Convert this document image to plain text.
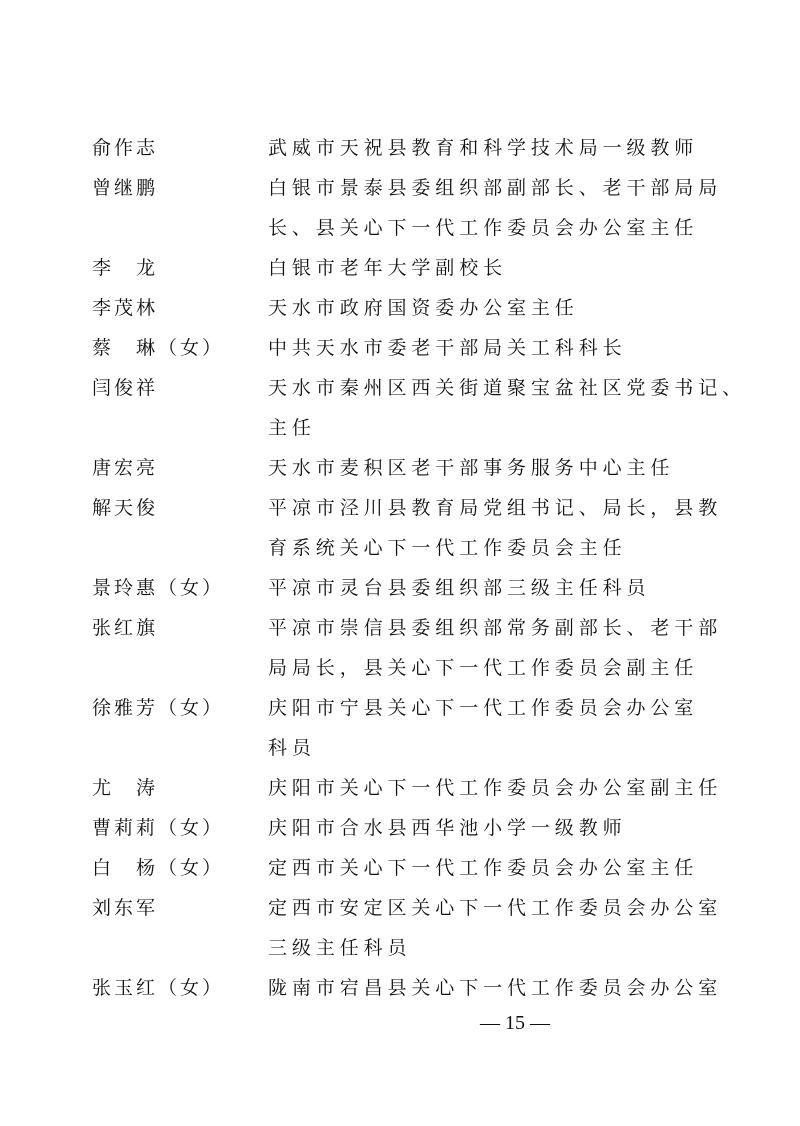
俞作志	武威市天祝县教育和科学技术局一级教师
曾继鹏	白银市景泰县委组织部副部长、老干部局局
长、县关心下一代工作委员会办公室主任
李　龙	白银市老年大学副校长
李茂林	天水市政府国资委办公室主任
蔡　琳（女） 中共天水市委老干部局关工科科长
闫俊祥	天水市秦州区西关街道聚宝盆社区党委书记、
主任
唐宏亮	天水市麦积区老干部事务服务中心主任
解天俊	平凉市泾川县教育局党组书记、局长，县教
育系统关心下一代工作委员会主任
景玲惠（女） 平凉市灵台县委组织部三级主任科员
张红旗	平凉市崇信县委组织部常务副部长、老干部
局局长，县关心下一代工作委员会副主任
徐雅芳（女） 庆阳市宁县关心下一代工作委员会办公室
科员
尤　涛	庆阳市关心下一代工作委员会办公室副主任
曹莉莉（女） 庆阳市合水县西华池小学一级教师
白　杨（女） 定西市关心下一代工作委员会办公室主任
刘东军	定西市安定区关心下一代工作委员会办公室
三级主任科员
张玉红（女） 陇南市宕昌县关心下一代工作委员会办公室
— 15 —
